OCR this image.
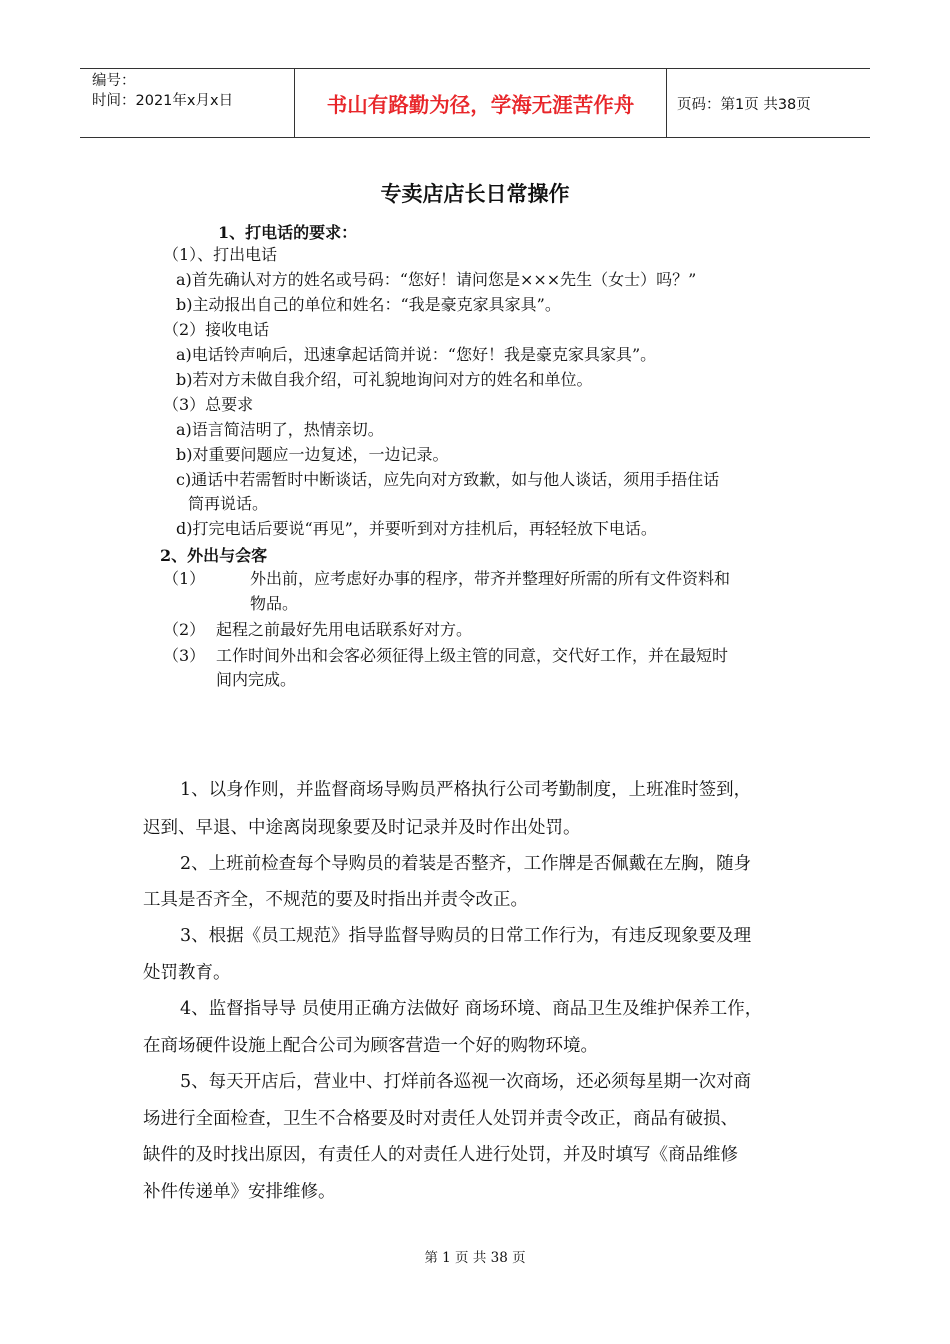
编号：
时间：2021年x月x日	书山有路勤为径，学海无涯苦作舟	页码：第1页 共38页
专卖店店长日常操作
1、打电话的要求：
（1）、打出电话
a)首先确认对方的姓名或号码：“您好！请问您是×××先生（女士）吗？”
b)主动报出自己的单位和姓名：“我是豪克家具家具”。
（2）接收电话
a)电话铃声响后，迅速拿起话筒并说：“您好！我是豪克家具家具”。
b)若对方未做自我介绍，可礼貌地询问对方的姓名和单位。
（3）总要求
a)语言简洁明了，热情亲切。
b)对重要问题应一边复述，一边记录。
c)通话中若需暂时中断谈话，应先向对方致歉，如与他人谈话，须用手捂住话
筒再说话。
d)打完电话后要说“再见”，并要听到对方挂机后，再轻轻放下电话。
2、外出与会客
（1）	外出前，应考虑好办事的程序，带齐并整理好所需的所有文件资料和
物品。
（2） 起程之前最好先用电话联系好对方。
（3） 工作时间外出和会客必须征得上级主管的同意，交代好工作，并在最短时
间内完成。
1、以身作则，并监督商场导购员严格执行公司考勤制度，上班准时签到，
迟到、早退、中途离岗现象要及时记录并及时作出处罚。
2、上班前检查每个导购员的着装是否整齐，工作牌是否佩戴在左胸，随身
工具是否齐全，不规范的要及时指出并责令改正。
3、根据《员工规范》指导监督导购员的日常工作行为，有违反现象要及理
处罚教育。
4、监督指导导 员使用正确方法做好 商场环境、商品卫生及维护保养工作，
在商场硬件设施上配合公司为顾客营造一个好的购物环境。
5、每天开店后，营业中、打烊前各巡视一次商场，还必须每星期一次对商
场进行全面检查，卫生不合格要及时对责任人处罚并责令改正，商品有破损、
缺件的及时找出原因，有责任人的对责任人进行处罚，并及时填写《商品维修
补件传递单》安排维修。
第 1 页 共 38 页
